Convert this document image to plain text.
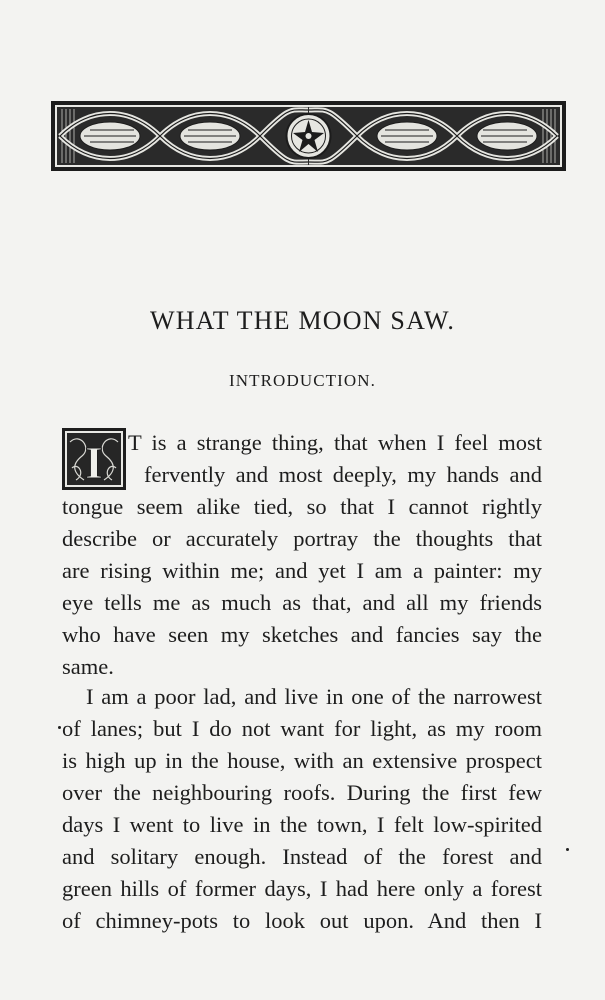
WHAT THE MOON SAW.
INTRODUCTION.
I T is a strange thing, that when I feel most
fervently and most deeply, my hands and
tongue seem alike tied, so that I cannot rightly
describe or accurately portray the thoughts that
are rising within me; and yet I am a painter: my
eye tells me as much as that, and all my friends
who have seen my sketches and fancies say the
same.
I am a poor lad, and live in one of the narrowest
of lanes; but I do not want for light, as my room
is high up in the house, with an extensive prospect
over the neighbouring roofs. During the first few
days I went to live in the town, I felt low-spirited
and solitary enough. Instead of the forest and
green hills of former days, I had here only a forest
of chimney-pots to look out upon. And then I
